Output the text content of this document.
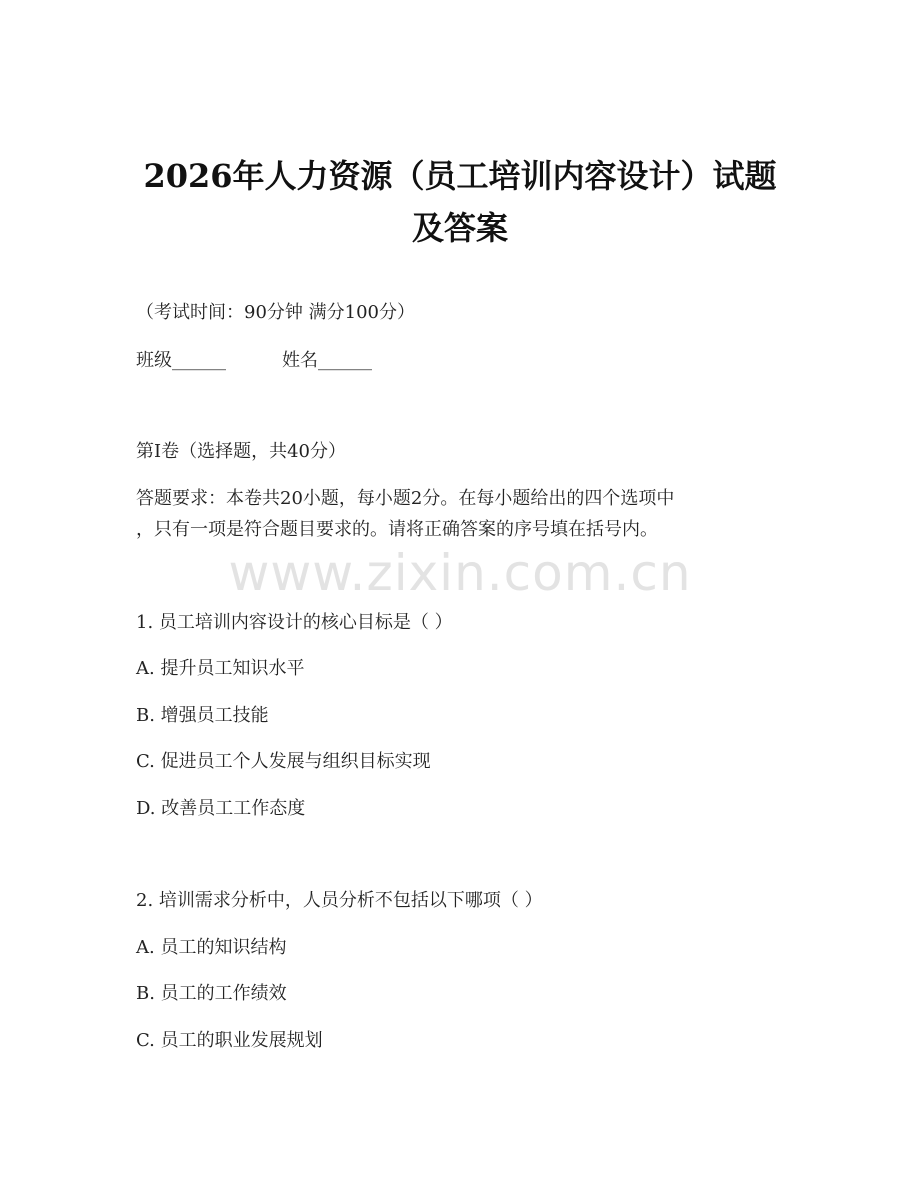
2026年人力资源（员工培训内容设计）试题
及答案
（考试时间：90分钟 满分100分）
班级______	姓名______
第I卷（选择题，共40分）
答题要求：本卷共20小题，每小题2分。在每小题给出的四个选项中
，只有一项是符合题目要求的。请将正确答案的序号填在括号内。
www.zixin.com.cn
1. 员工培训内容设计的核心目标是（ ）
A. 提升员工知识水平
B. 增强员工技能
C. 促进员工个人发展与组织目标实现
D. 改善员工工作态度
2. 培训需求分析中，人员分析不包括以下哪项（ ）
A. 员工的知识结构
B. 员工的工作绩效
C. 员工的职业发展规划
